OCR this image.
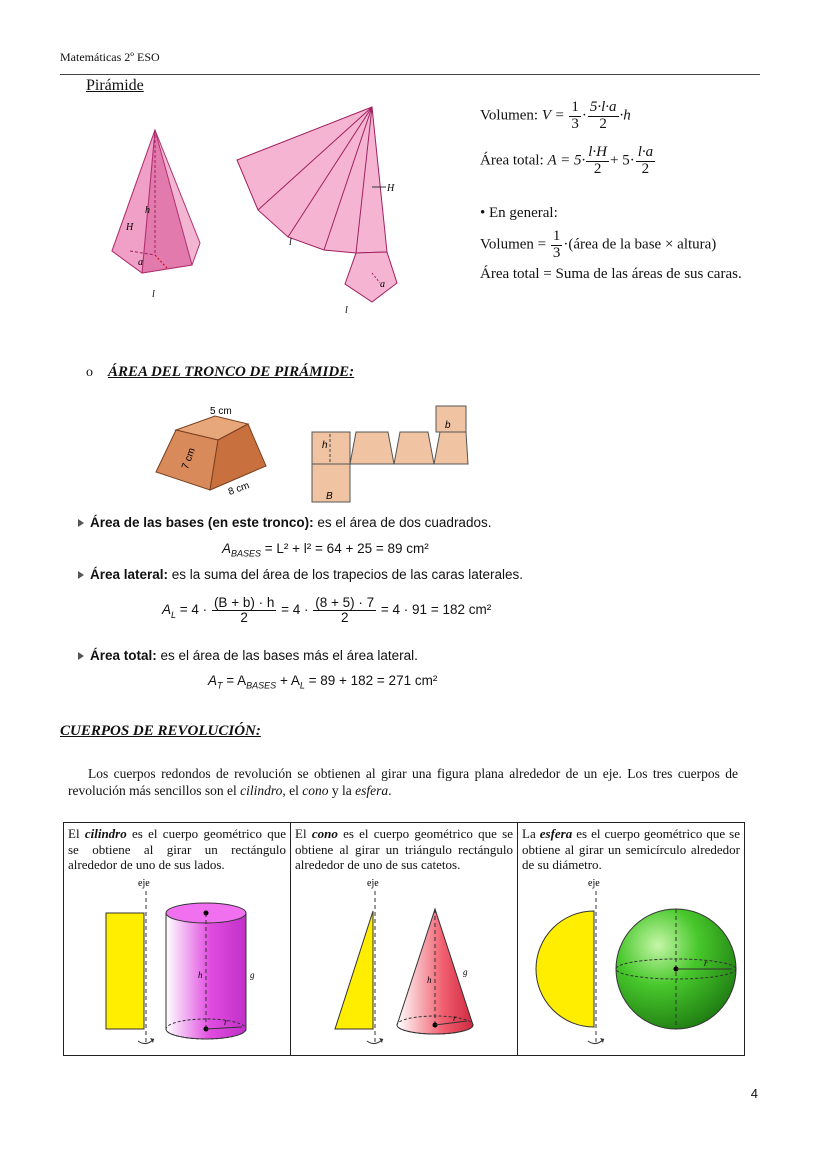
Matemáticas 2º ESO
Pirámide
h
H
a
l
H
l
a
l
Volumen: $V = \frac{1}{3} \cdot \frac{5\cdot l\cdot a}{2} \cdot h$
Área total: $A = 5\cdot \frac{l\cdot H}{2} + 5\cdot \frac{l\cdot a}{2}$
• En general:
Volumen = $\frac{1}{3}$ ·(área de la base × altura)
Área total = Suma de las áreas de sus caras.
o ÁREA DEL TRONCO DE PIRÁMIDE:
5 cm
7 cm
8 cm
h
b
B
Área de las bases (en este tronco): es el área de dos cuadrados.
$A_{BASES} = L^2 + l^2 = 64 + 25 = 89$ cm²
Área lateral: es la suma del área de los trapecios de las caras laterales.
$A_L = 4 \cdot \frac{(B + b) \cdot h}{2} = 4 \cdot \frac{(8 + 5) \cdot 7}{2} = 4 \cdot 91 = 182$ cm²
Área total: es el área de las bases más el área lateral.
$A_T = A_{BASES} + A_L = 89 + 182 = 271$ cm²
CUERPOS DE REVOLUCIÓN:
Los cuerpos redondos de revolución se obtienen al girar una figura plana alrededor de un eje. Los tres cuerpos de revolución más sencillos son el cilindro, el cono y la esfera.
El cilindro es el cuerpo geométrico que se obtiene al girar un rectángulo alrededor de uno de sus lados.
eje
h	g
r
	El cono es el cuerpo geométrico que se obtiene al girar un triángulo rectángulo alrededor de uno de sus catetos.
eje
h
g
r
	La esfera es el cuerpo geométrico que se obtiene al girar un semicírculo alrededor de su diámetro.
eje
r
4
